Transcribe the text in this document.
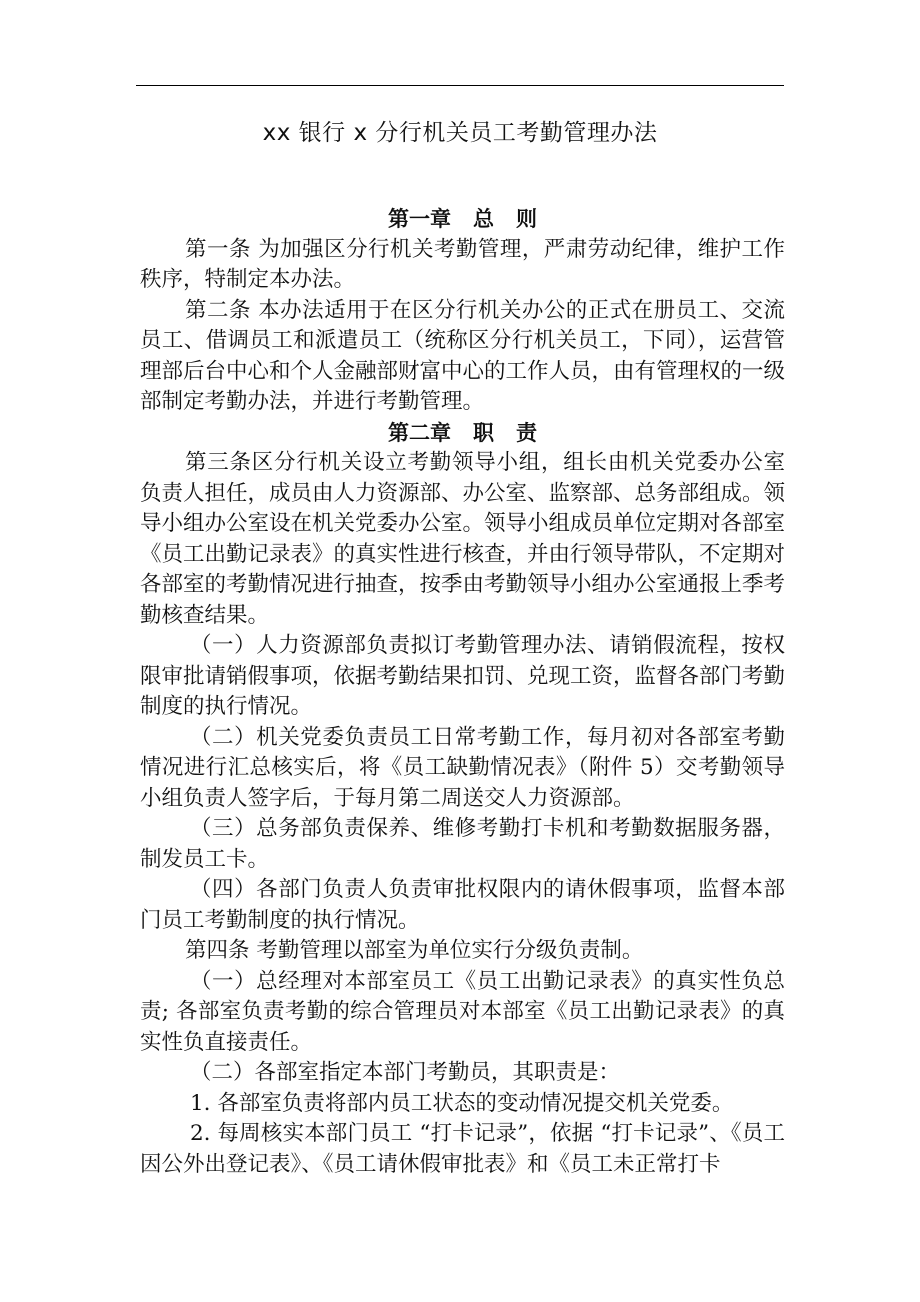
xx 银行 x 分行机关员工考勤管理办法

第一章 总 则

第一条 为加强区分行机关考勤管理，严肃劳动纪律，维护工作秩序，特制定本办法。

第二条 本办法适用于在区分行机关办公的正式在册员工、交流员工、借调员工和派遣员工（统称区分行机关员工，下同），运营管理部后台中心和个人金融部财富中心的工作人员，由有管理权的一级部制定考勤办法，并进行考勤管理。

第二章 职 责

第三条区分行机关设立考勤领导小组，组长由机关党委办公室负责人担任，成员由人力资源部、办公室、监察部、总务部组成。领导小组办公室设在机关党委办公室。领导小组成员单位定期对各部室《员工出勤记录表》的真实性进行核查，并由行领导带队，不定期对各部室的考勤情况进行抽查，按季由考勤领导小组办公室通报上季考勤核查结果。

（一）人力资源部负责拟订考勤管理办法、请销假流程，按权限审批请销假事项，依据考勤结果扣罚、兑现工资，监督各部门考勤制度的执行情况。

（二）机关党委负责员工日常考勤工作，每月初对各部室考勤情况进行汇总核实后，将《员工缺勤情况表》（附件 5）交考勤领导小组负责人签字后，于每月第二周送交人力资源部。

（三）总务部负责保养、维修考勤打卡机和考勤数据服务器，制发员工卡。

（四）各部门负责人负责审批权限内的请休假事项，监督本部门员工考勤制度的执行情况。

第四条 考勤管理以部室为单位实行分级负责制。

（一）总经理对本部室员工《员工出勤记录表》的真实性负总责; 各部室负责考勤的综合管理员对本部室《员工出勤记录表》的真实性负直接责任。

（二）各部室指定本部门考勤员，其职责是：

1. 各部室负责将部内员工状态的变动情况提交机关党委。

2. 每周核实本部门员工 “打卡记录”，依据 “打卡记录”、《员工因公外出登记表》、《员工请休假审批表》和《员工未正常打卡
